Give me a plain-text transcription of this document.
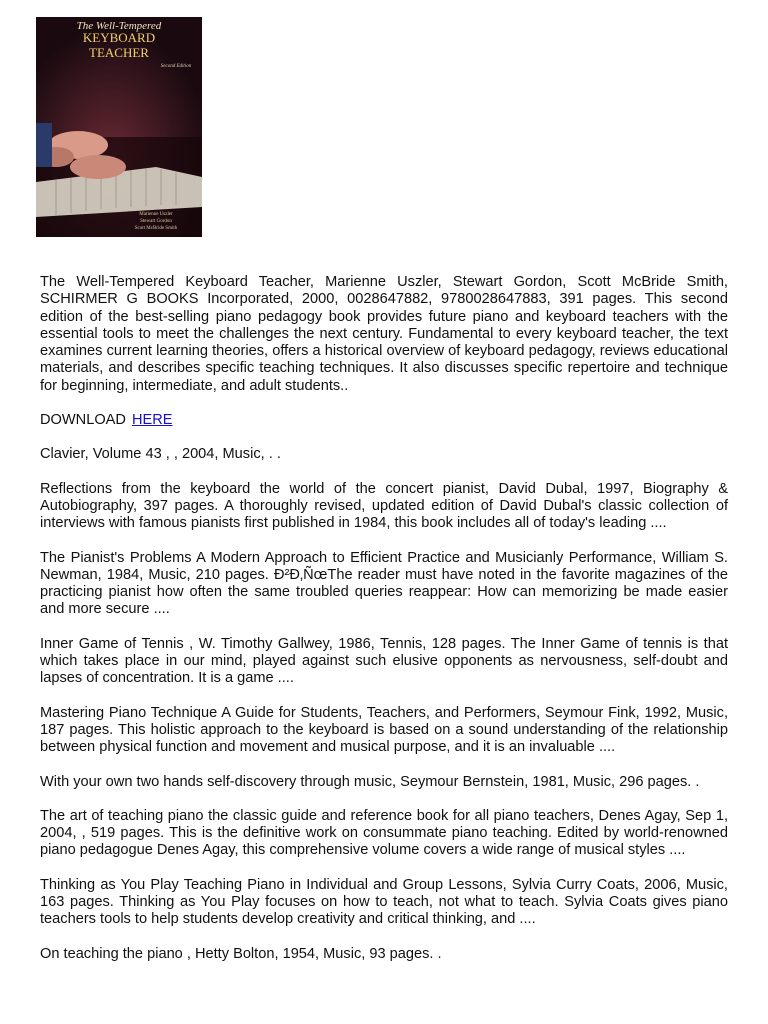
The Well-Tempered
KEYBOARD
TEACHER
Second Edition
Marienne Uszler
Stewart Gordon
Scott McBride Smith

The Well-Tempered Keyboard Teacher, Marienne Uszler, Stewart Gordon, Scott McBride Smith, SCHIRMER G BOOKS Incorporated, 2000, 0028647882, 9780028647883, 391 pages. This second edition of the best-selling piano pedagogy book provides future piano and keyboard teachers with the essential tools to meet the challenges the next century. Fundamental to every keyboard teacher, the text examines current learning theories, offers a historical overview of keyboard pedagogy, reviews educational materials, and describes specific teaching techniques. It also discusses specific repertoire and technique for beginning, intermediate, and adult students..

DOWNLOAD HERE

Clavier, Volume 43 , , 2004, Music, . .

Reflections from the keyboard the world of the concert pianist, David Dubal, 1997, Biography & Autobiography, 397 pages. A thoroughly revised, updated edition of David Dubal's classic collection of interviews with famous pianists first published in 1984, this book includes all of today's leading ....

The Pianist's Problems A Modern Approach to Efficient Practice and Musicianly Performance, William S. Newman, 1984, Music, 210 pages. Ð²Ð‚ÑœThe reader must have noted in the favorite magazines of the practicing pianist how often the same troubled queries reappear: How can memorizing be made easier and more secure ....

Inner Game of Tennis , W. Timothy Gallwey, 1986, Tennis, 128 pages. The Inner Game of tennis is that which takes place in our mind, played against such elusive opponents as nervousness, self-doubt and lapses of concentration. It is a game ....

Mastering Piano Technique A Guide for Students, Teachers, and Performers, Seymour Fink, 1992, Music, 187 pages. This holistic approach to the keyboard is based on a sound understanding of the relationship between physical function and movement and musical purpose, and it is an invaluable ....

With your own two hands self-discovery through music, Seymour Bernstein, 1981, Music, 296 pages. .

The art of teaching piano the classic guide and reference book for all piano teachers, Denes Agay, Sep 1, 2004, , 519 pages. This is the definitive work on consummate piano teaching. Edited by world-renowned piano pedagogue Denes Agay, this comprehensive volume covers a wide range of musical styles ....

Thinking as You Play Teaching Piano in Individual and Group Lessons, Sylvia Curry Coats, 2006, Music, 163 pages. Thinking as You Play focuses on how to teach, not what to teach. Sylvia Coats gives piano teachers tools to help students develop creativity and critical thinking, and ....

On teaching the piano , Hetty Bolton, 1954, Music, 93 pages. .
